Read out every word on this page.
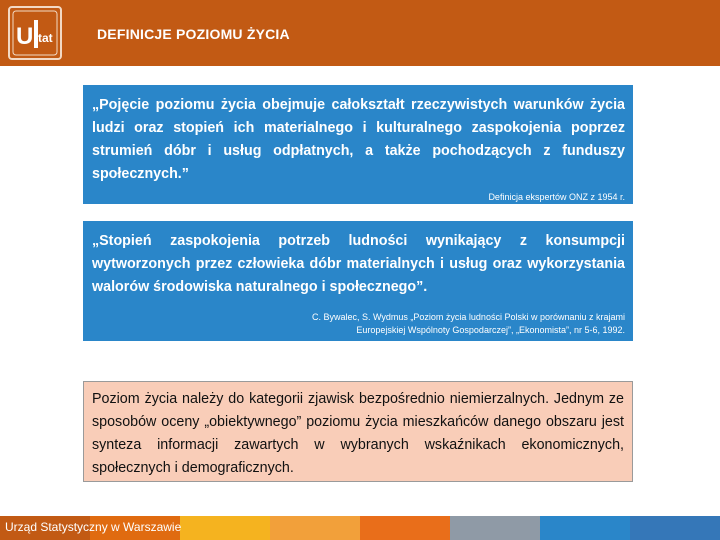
U tat	DEFINICJE POZIOMU ŻYCIA
„Pojęcie poziomu życia obejmuje całokształt rzeczywistych warunków życia ludzi oraz stopień ich materialnego i kulturalnego zaspokojenia poprzez strumień dóbr i usług odpłatnych, a także pochodzących z funduszy społecznych.”
Definicja ekspertów ONZ z 1954 r.
„Stopień zaspokojenia potrzeb ludności wynikający z konsumpcji wytworzonych przez człowieka dóbr materialnych i usług oraz wykorzystania walorów środowiska naturalnego i społecznego”.
C. Bywalec, S. Wydmus „Poziom życia ludności Polski w porównaniu z krajami
Europejskiej Wspólnoty Gospodarczej”, „Ekonomista”, nr 5-6, 1992.
Poziom życia należy do kategorii zjawisk bezpośrednio niemierzalnych. Jednym ze sposobów oceny „obiektywnego” poziomu życia mieszkańców danego obszaru jest synteza informacji zawartych w wybranych wskaźnikach ekonomicznych, społecznych i demograficznych.
Urząd Statystyczny w Warszawie
